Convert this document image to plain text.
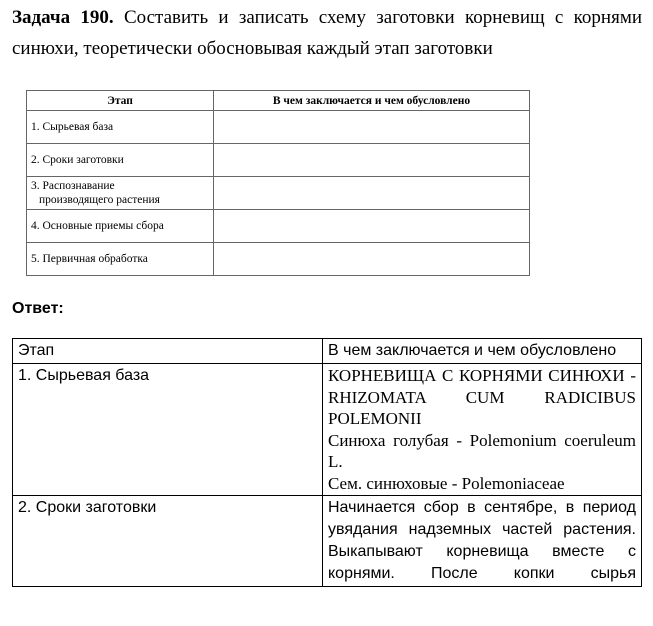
Задача 190. Составить и записать схему заготовки корневищ с корнями синюхи, теоретически обосновывая каждый этап заготовки

Этап	В чем заключается и чем обусловлено
1. Сырьевая база	
2. Сроки заготовки	

3. Распознавание
производящего растения	

4. Основные приемы сбора	
5. Первичная обработка	

Ответ:

Этап	В чем заключается и чем обусловлено
1. Сырьевая база	КОРНЕВИЩА С КОРНЯМИ СИНЮХИ - RHIZOMATA CUM RADICIBUS POLEMONII
Синюха голубая - Polemonium coeruleum L.
Сем. синюховые - Polemoniaceae

2. Сроки заготовки	Начинается сбор в сентябре, в период увядания надземных частей растения. Выкапывают корневища вместе с корнями. После копки сырья
